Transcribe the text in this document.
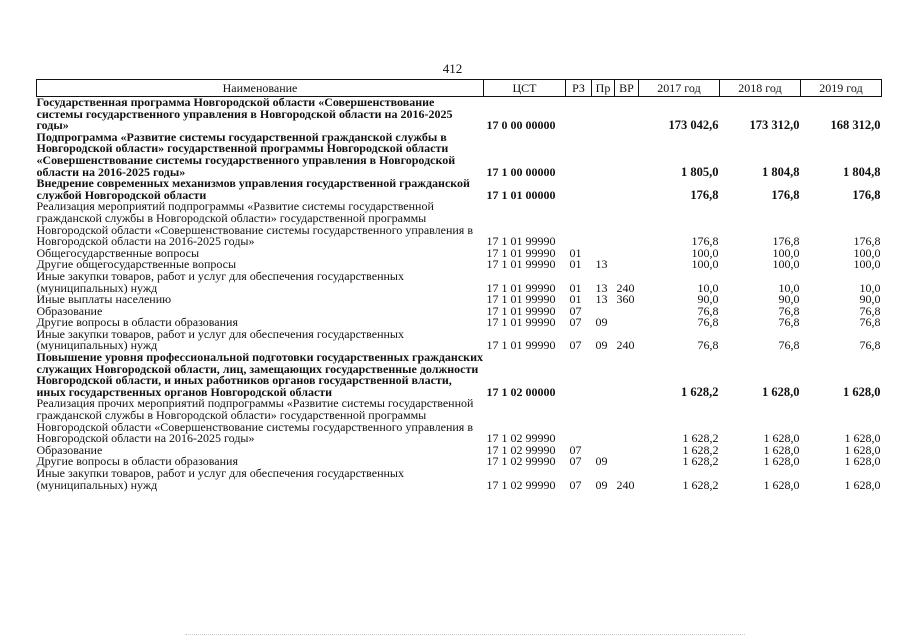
412
Наименование	ЦСТ	РЗ	Пр	ВР	2017 год	2018 год	2019 год
Государственная программа Новгородской области «Совершенствование системы государственного управления в Новгородской области на 2016-2025 годы»	17 0 00 00000				173 042,6	173 312,0	168 312,0
Подпрограмма «Развитие системы государственной гражданской службы в Новгородской области» государственной программы Новгородской области «Совершенствование системы государственного управления в Новгородской области на 2016-2025 годы»	17 1 00 00000				1 805,0	1 804,8	1 804,8
Внедрение современных механизмов управления государственной гражданской службой Новгородской области	17 1 01 00000				176,8	176,8	176,8
Реализация мероприятий подпрограммы «Развитие системы государственной гражданской службы в Новгородской области» государственной программы Новгородской области «Совершенствование системы государственного управления в Новгородской области на 2016-2025 годы»	17 1 01 99990				176,8	176,8	176,8
Общегосударственные вопросы	17 1 01 99990	01			100,0	100,0	100,0
Другие общегосударственные вопросы	17 1 01 99990	01	13		100,0	100,0	100,0
Иные закупки товаров, работ и услуг для обеспечения государственных (муниципальных) нужд	17 1 01 99990	01	13	240	10,0	10,0	10,0
Иные выплаты населению	17 1 01 99990	01	13	360	90,0	90,0	90,0
Образование	17 1 01 99990	07			76,8	76,8	76,8
Другие вопросы в области образования	17 1 01 99990	07	09		76,8	76,8	76,8
Иные закупки товаров, работ и услуг для обеспечения государственных (муниципальных) нужд	17 1 01 99990	07	09	240	76,8	76,8	76,8
Повышение уровня профессиональной подготовки государственных гражданских служащих Новгородской области, лиц, замещающих государственные должности Новгородской области, и иных работников органов государственной власти, иных государственных органов Новгородской области	17 1 02 00000				1 628,2	1 628,0	1 628,0
Реализация прочих мероприятий подпрограммы «Развитие системы государственной гражданской службы в Новгородской области» государственной программы Новгородской области «Совершенствование системы государственного управления в Новгородской области на 2016-2025 годы»	17 1 02 99990				1 628,2	1 628,0	1 628,0
Образование	17 1 02 99990	07			1 628,2	1 628,0	1 628,0
Другие вопросы в области образования	17 1 02 99990	07	09		1 628,2	1 628,0	1 628,0
Иные закупки товаров, работ и услуг для обеспечения государственных (муниципальных) нужд	17 1 02 99990	07	09	240	1 628,2	1 628,0	1 628,0
